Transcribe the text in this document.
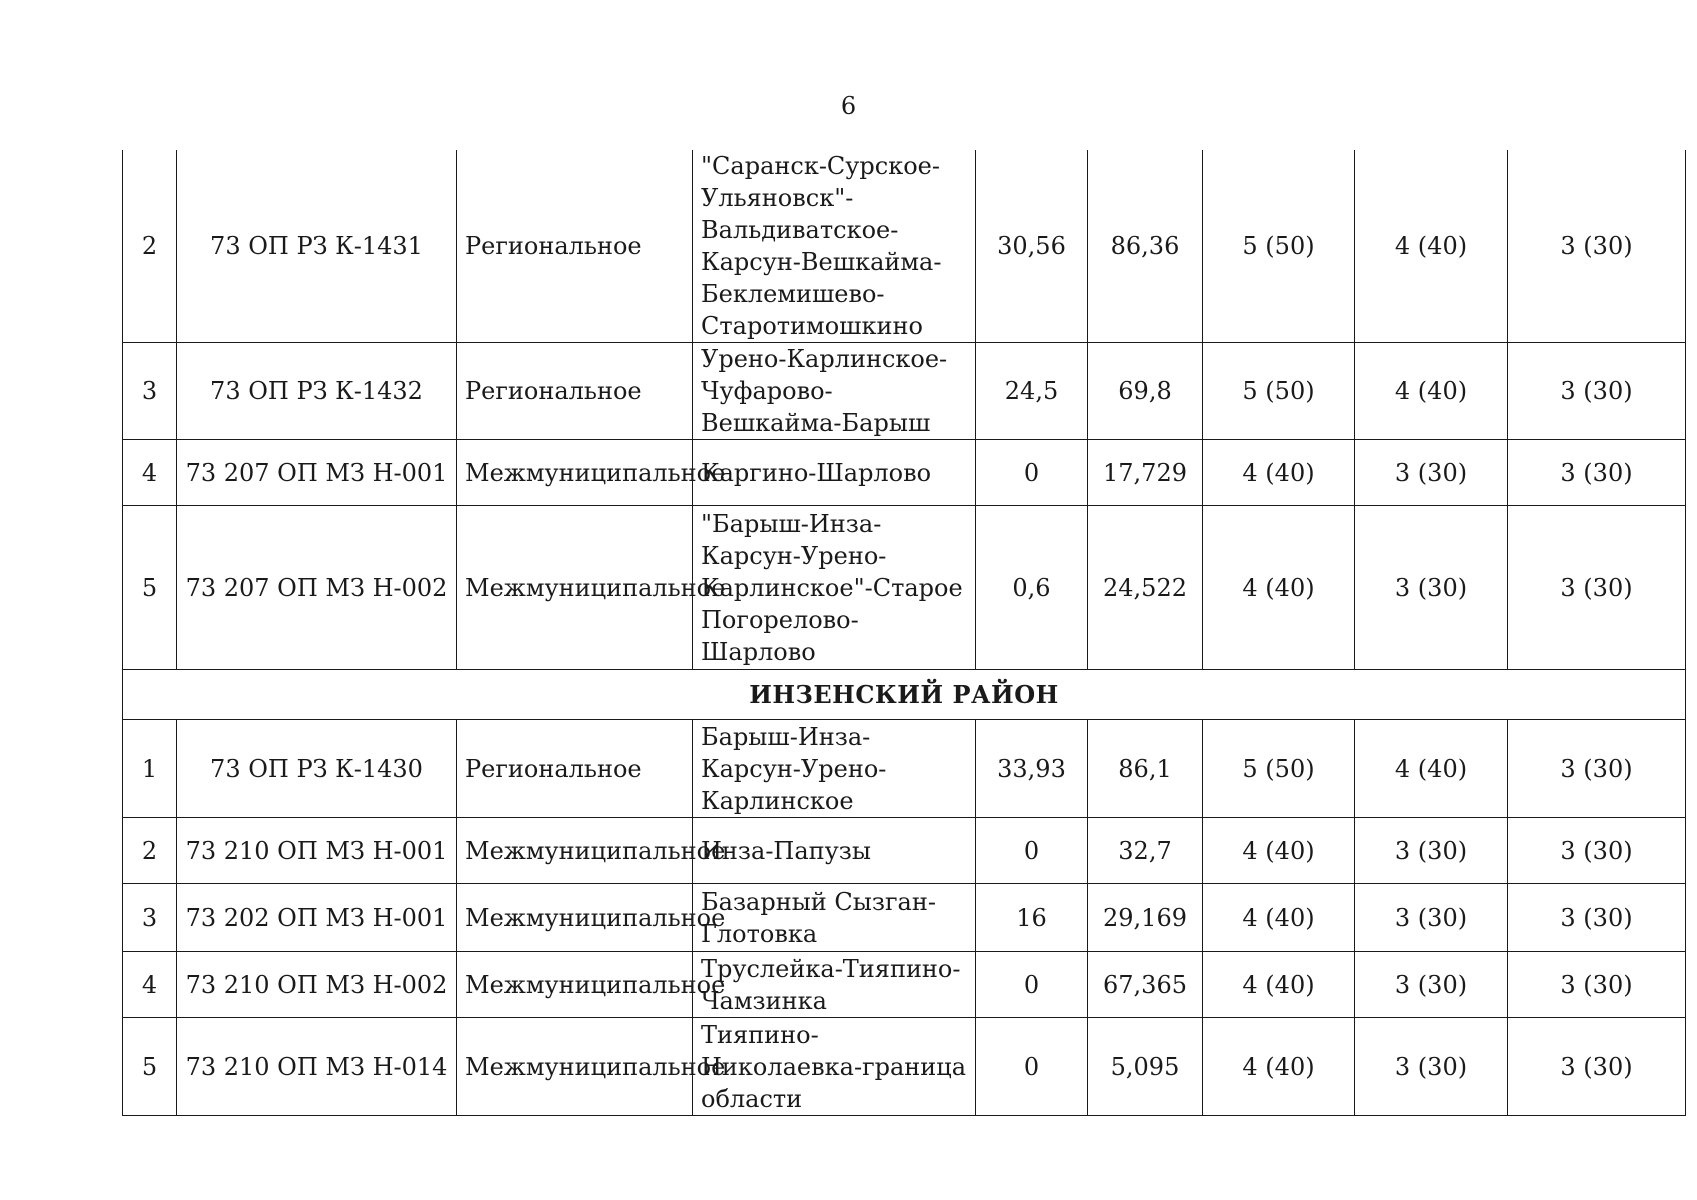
6
2	73 ОП РЗ К-1431	Региональное	"Саранск-Сурское-Ульяновск"-Вальдиватское-Карсун-Вешкайма-Беклемишево-Старотимошкино	30,56	86,36	5 (50)	4 (40)	3 (30)
3	73 ОП РЗ К-1432	Региональное	Урено-Карлинское-Чуфарово-Вешкайма-Барыш	24,5	69,8	5 (50)	4 (40)	3 (30)
4	73 207 ОП МЗ Н-001	Межмуниципальное	Каргино-Шарлово	0	17,729	4 (40)	3 (30)	3 (30)
5	73 207 ОП МЗ Н-002	Межмуниципальное	"Барыш-Инза-Карсун-Урено-Карлинское"-Старое Погорелово-Шарлово	0,6	24,522	4 (40)	3 (30)	3 (30)
ИНЗЕНСКИЙ РАЙОН								
1	73 ОП РЗ К-1430	Региональное	Барыш-Инза-Карсун-Урено-Карлинское	33,93	86,1	5 (50)	4 (40)	3 (30)
2	73 210 ОП МЗ Н-001	Межмуниципальное	Инза-Папузы	0	32,7	4 (40)	3 (30)	3 (30)
3	73 202 ОП МЗ Н-001	Межмуниципальное	Базарный Сызган-Глотовка	16	29,169	4 (40)	3 (30)	3 (30)
4	73 210 ОП МЗ Н-002	Межмуниципальное	Труслейка-Тияпино-Чамзинка	0	67,365	4 (40)	3 (30)	3 (30)
5	73 210 ОП МЗ Н-014	Межмуниципальное	Тияпино-Николаевка-граница области	0	5,095	4 (40)	3 (30)	3 (30)
